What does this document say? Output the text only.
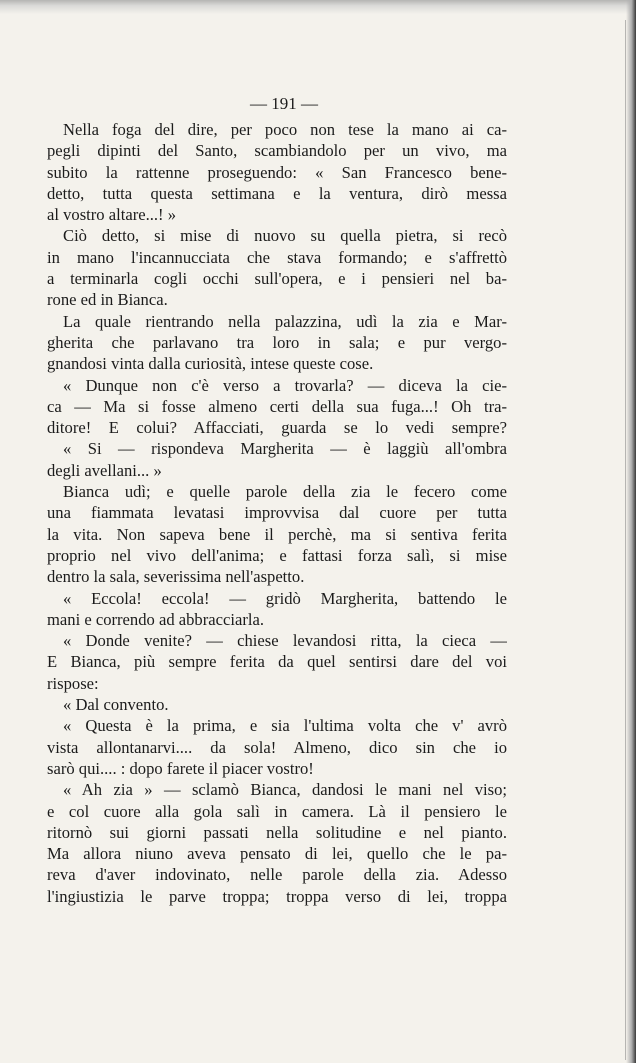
— 191 —
Nella foga del dire, per poco non tese la mano ai ca-
pegli dipinti del Santo, scambiandolo per un vivo, ma
subito la rattenne proseguendo: « San Francesco bene-
detto, tutta questa settimana e la ventura, dirò messa
al vostro altare...! »
Ciò detto, si mise di nuovo su quella pietra, si recò
in mano l'incannucciata che stava formando; e s'affrettò
a terminarla cogli occhi sull'opera, e i pensieri nel ba-
rone ed in Bianca.
La quale rientrando nella palazzina, udì la zia e Mar-
gherita che parlavano tra loro in sala; e pur vergo-
gnandosi vinta dalla curiosità, intese queste cose.
« Dunque non c'è verso a trovarla? — diceva la cie-
ca — Ma si fosse almeno certi della sua fuga...! Oh tra-
ditore! E colui? Affacciati, guarda se lo vedi sempre?
« Si — rispondeva Margherita — è laggiù all'ombra
degli avellani... »
Bianca udì; e quelle parole della zia le fecero come
una fiammata levatasi improvvisa dal cuore per tutta
la vita. Non sapeva bene il perchè, ma si sentiva ferita
proprio nel vivo dell'anima; e fattasi forza salì, si mise
dentro la sala, severissima nell'aspetto.
« Eccola! eccola! — gridò Margherita, battendo le
mani e correndo ad abbracciarla.
« Donde venite? — chiese levandosi ritta, la cieca —
E Bianca, più sempre ferita da quel sentirsi dare del voi
rispose:
« Dal convento.
« Questa è la prima, e sia l'ultima volta che v' avrò
vista allontanarvi.... da sola! Almeno, dico sin che io
sarò qui.... : dopo farete il piacer vostro!
« Ah zia » — sclamò Bianca, dandosi le mani nel viso;
e col cuore alla gola salì in camera. Là il pensiero le
ritornò sui giorni passati nella solitudine e nel pianto.
Ma allora niuno aveva pensato di lei, quello che le pa-
reva d'aver indovinato, nelle parole della zia. Adesso
l'ingiustizia le parve troppa; troppa verso di lei, troppa
